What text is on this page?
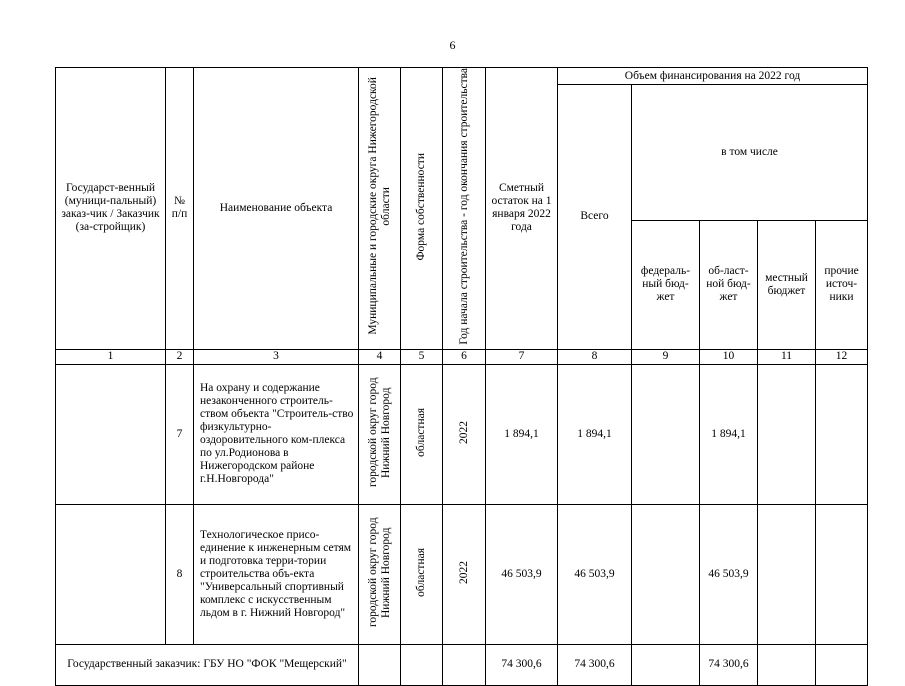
6
Государст-венный (муници-пальный) заказ-чик / Заказчик (за-стройщик)	№ п/п	Наименование объекта	Муниципальные и городские округа Нижегородской области	Форма собственности	Год начала строительства - год окончания строительства	Сметный остаток на 1 января 2022 года	Объем финансирования на 2022 год				
							Всего	в том числе			
								федераль-ный бюд-жет	об-ласт-ной бюд-жет	местный бюджет	прочие источ-ники
1	2	3	4	5	6	7	8	9	10	11	12
	7	На охрану и содержание незаконченного строитель-ством объекта "Строитель-ство физкультурно-оздоровительного ком-плекса по ул.Родионова в Нижегородском районе г.Н.Новгорода"	городской округ город Нижний Новгород	областная	2022	1 894,1	1 894,1		1 894,1		
	8	Технологическое присо-единение к инженерным сетям и подготовка терри-тории строительства объ-екта "Универсальный спортивный комплекс с искусственным льдом в г. Нижний Новгород"	городской округ город Нижний Новгород	областная	2022	46 503,9	46 503,9		46 503,9		
Государственный заказчик: ГБУ НО "ФОК "Мещерский"						74 300,6	74 300,6		74 300,6		
